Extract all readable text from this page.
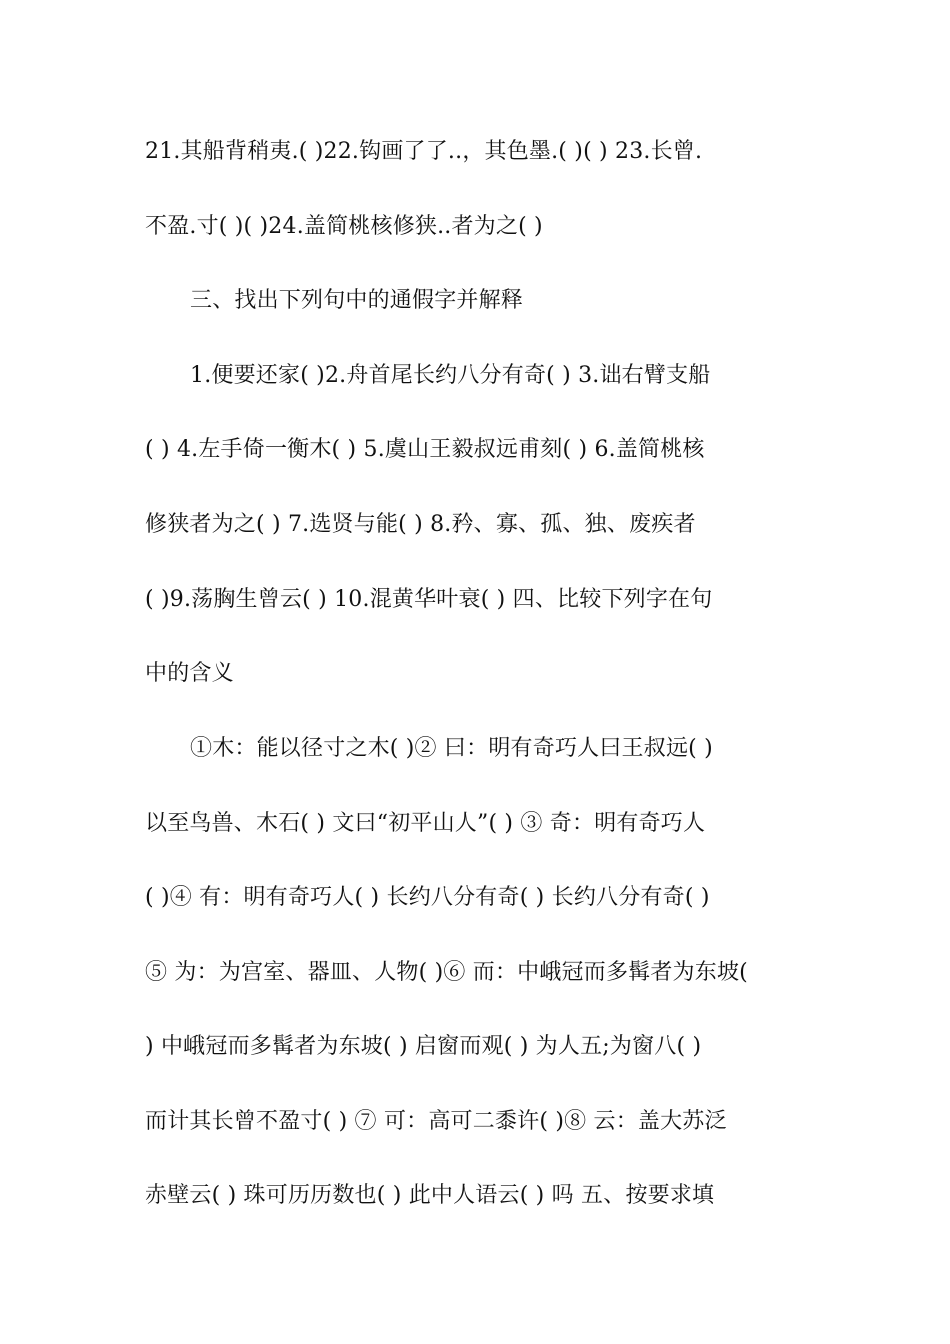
21.其船背稍夷.( )22.钩画了了..，其色墨.( )( ) 23.长曾.
不盈.寸( )( )24.盖简桃核修狭..者为之( )
三、找出下列句中的通假字并解释
1.便要还家( )2.舟首尾长约八分有奇( ) 3.诎右臂支船
( ) 4.左手倚一衡木( ) 5.虞山王毅叔远甫刻( ) 6.盖简桃核
修狭者为之( ) 7.选贤与能( ) 8.矜、寡、孤、独、废疾者
( )9.荡胸生曾云( ) 10.混黄华叶衰( ) 四、比较下列字在句
中的含义
①木：能以径寸之木( )② 曰：明有奇巧人曰王叔远( )
以至鸟兽、木石( ) 文曰“初平山人”( ) ③ 奇：明有奇巧人
( )④ 有：明有奇巧人( ) 长约八分有奇( ) 长约八分有奇( )
⑤ 为：为宫室、器皿、人物( )⑥ 而：中峨冠而多髯者为东坡(
) 中峨冠而多髯者为东坡( ) 启窗而观( ) 为人五;为窗八( )
而计其长曾不盈寸( ) ⑦ 可：高可二黍许( )⑧ 云：盖大苏泛
赤壁云( ) 珠可历历数也( ) 此中人语云( ) 吗 五、按要求填
